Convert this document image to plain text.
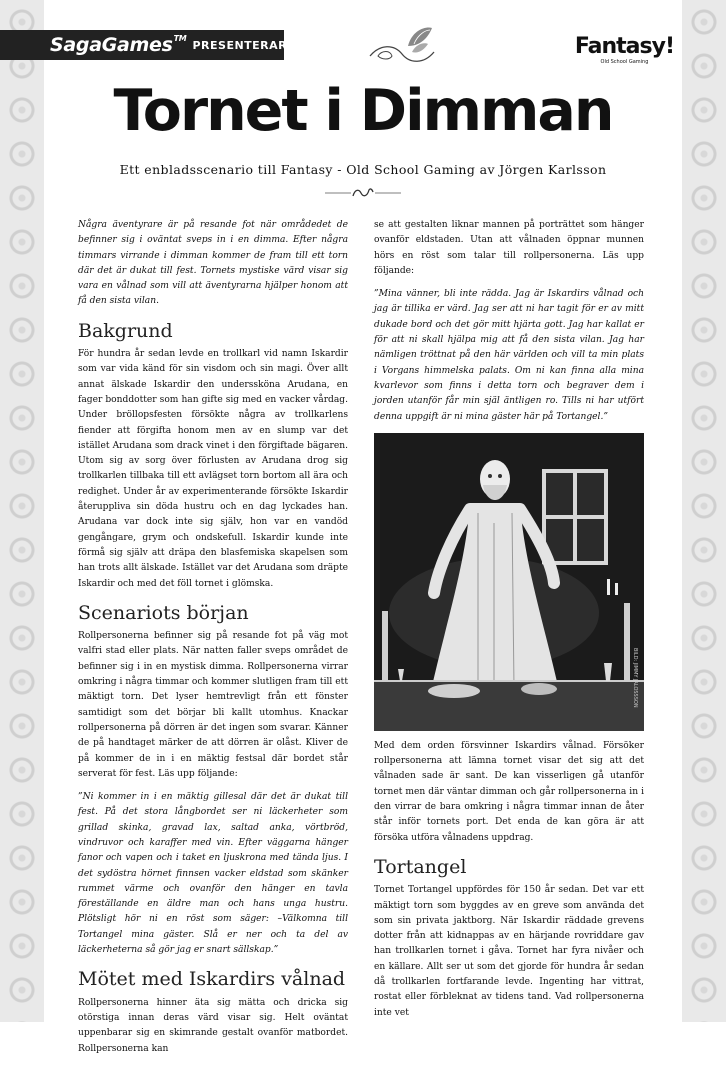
SagaGames™ PRESENTERAR	Fantasy!
Old School Gaming
Tornet i Dimman
Ett enbladsscenario till Fantasy - Old School Gaming av Jörgen Karlsson

Några äventyrare är på resande fot när områdedet de befinner sig i oväntat sveps in i en dimma. Efter några timmars virrande i dimman kommer de fram till ett torn där det är dukat till fest. Tornets mystiske värd visar sig vara en vålnad som vill att äventyrarna hjälper honom att få den sista vilan.

Bakgrund

För hundra år sedan levde en trollkarl vid namn Iskardir som var vida känd för sin visdom och sin magi. Över allt annat älskade Iskardir den underssköna Arudana, en fager bonddotter som han gifte sig med en vacker vårdag. Under bröllopsfesten försökte några av trollkarlens fiender att förgifta honom men av en slump var det istället Arudana som drack vinet i den förgiftade bägaren. Utom sig av sorg över förlusten av Arudana drog sig trollkarlen tillbaka till ett avlägset torn bortom all ära och redighet. Under år av experimenterande försökte Iskardir återuppliva sin döda hustru och en dag lyckades han. Arudana var dock inte sig själv, hon var en vandöd gengångare, grym och ondskefull. Iskardir kunde inte förmå sig själv att dräpa den blasfemiska skapelsen som han trots allt älskade. Istället var det Arudana som dräpte Iskardir och med det föll tornet i glömska.

Scenariots början

Rollpersonerna befinner sig på resande fot på väg mot valfri stad eller plats. När natten faller sveps området de befinner sig i in en mystisk dimma. Rollpersonerna virrar omkring i några timmar och kommer slutligen fram till ett mäktigt torn. Det lyser hemtrevligt från ett fönster samtidigt som det börjar bli kallt utomhus. Knackar rollpersonerna på dörren är det ingen som svarar. Känner de på handtaget märker de att dörren är olåst. Kliver de på kommer de in i en mäktig festsal där bordet står serverat för fest. Läs upp följande:

”Ni kommer in i en mäktig gillesal där det är dukat till fest. På det stora långbordet ser ni läckerheter som grillad skinka, gravad lax, saltad anka, vörtbröd, vindruvor och karaffer med vin. Efter väggarna hänger fanor och vapen och i taket en ljuskrona med tända ljus. I det sydöstra hörnet finnsen vacker eldstad som skänker rummet värme och ovanför den hänger en tavla föreställande en äldre man och hans unga hustru. Plötsligt hör ni en röst som säger: –Välkomna till Tortangel mina gäster. Slå er ner och ta del av läckerheterna så gör jag er snart sällskap.”

Mötet med Iskardirs vålnad

Rollpersonerna hinner äta sig mätta och dricka sig otörstiga innan deras värd visar sig. Helt oväntat uppenbarar sig en skimrande gestalt ovanför matbordet. Rollpersonerna kan

se att gestalten liknar mannen på porträttet som hänger ovanför eldstaden. Utan att vålnaden öppnar munnen hörs en röst som talar till rollpersonerna. Läs upp följande:

”Mina vänner, bli inte rädda. Jag är Iskardirs vålnad och jag är tillika er värd. Jag ser att ni har tagit för er av mitt dukade bord och det gör mitt hjärta gott. Jag har kallat er för att ni skall hjälpa mig att få den sista vilan. Jag har nämligen tröttnat på den här världen och vill ta min plats i Vorgans himmelska palats. Om ni kan finna alla mina kvarlevor som finns i detta torn och begraver dem i jorden utanför får min själ äntligen ro. Tills ni har utfört denna uppgift är ni mina gäster här på Tortangel.”

BILD: JIMMY JALOSSSON

Med dem orden försvinner Iskardirs vålnad. Försöker rollpersonerna att lämna tornet visar det sig att det vålnaden sade är sant. De kan visserligen gå utanför tornet men där väntar dimman och går rollpersonerna in i den virrar de bara omkring i några timmar innan de åter står inför tornets port. Det enda de kan göra är att försöka utföra vålnadens uppdrag.

Tortangel

Tornet Tortangel uppfördes för 150 år sedan. Det var ett mäktigt torn som byggdes av en greve som använda det som sin privata jaktborg. När Iskardir räddade grevens dotter från att kidnappas av en härjande rovriddare gav han trollkarlen tornet i gåva. Tornet har fyra nivåer och en källare. Allt ser ut som det gjorde för hundra år sedan då trollkarlen fortfarande levde. Ingenting har vittrat, rostat eller förbleknat av tidens tand. Vad rollpersonerna inte vet
